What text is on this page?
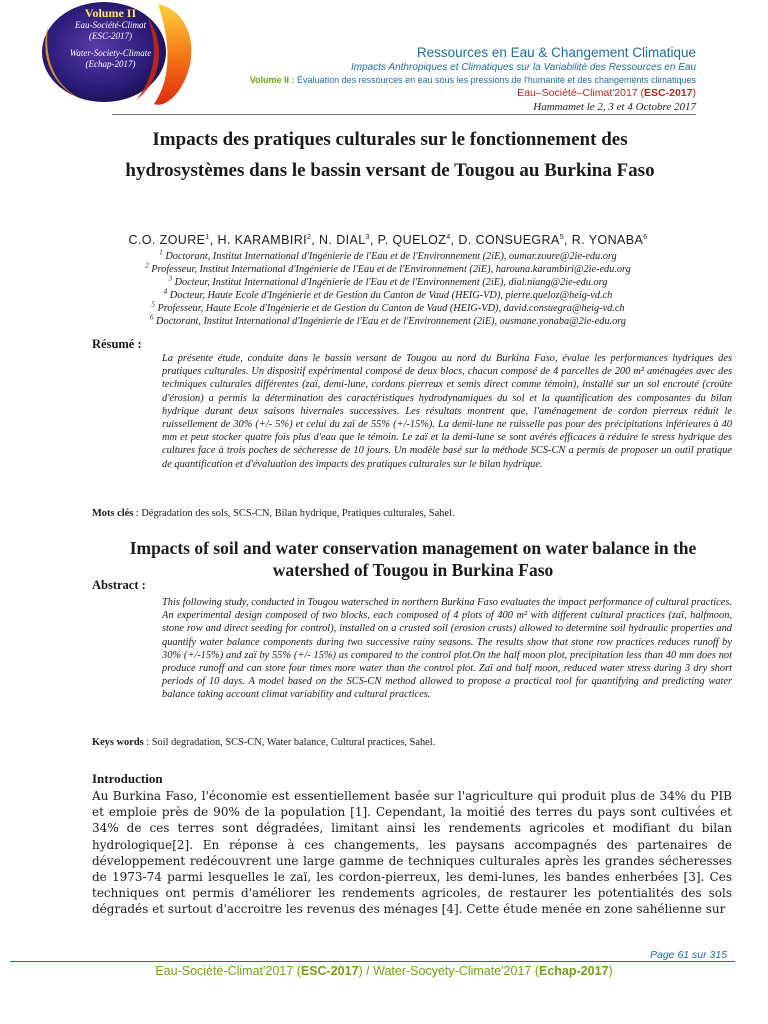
Volume II
Eau-Société-Climat
(ESC-2017)
Water-Society-Climate
(Echap-2017)
Ressources en Eau & Changement Climatique
Impacts Anthropiques et Climatiques sur la Variabilité des Ressources en Eau
Volume II : Évaluation des ressources en eau sous les pressions de l'humanité et des changements climatiques
Eau–Société–Climat'2017 (ESC-2017)
Hammamet le 2, 3 et 4 Octobre 2017
Impacts des pratiques culturales sur le fonctionnement des hydrosystèmes dans le bassin versant de Tougou au Burkina Faso
C.O. ZOURE$^1$, H. KARAMBIRI$^2$, N. DIAL$^3$, P. QUELOZ$^4$, D. CONSUEGRA$^5$, R. YONABA$^6$
$^1$ Doctorant, Institut International d'Ingénierie de l'Eau et de l'Environnement (2iE), oumar.zoure@2ie-edu.org
$^2$ Professeur, Institut International d'Ingénierie de l'Eau et de l'Environnement (2iE), harouna.karambiri@2ie-edu.org
$^3$ Docteur, Institut International d'Ingénierie de l'Eau et de l'Environnement (2iE), dial.niang@2ie-edu.org
$^4$ Docteur, Haute Ecole d'Ingénierie et de Gestion du Canton de Vaud (HEIG-VD), pierre.queloz@heig-vd.ch
$^5$ Professeur, Haute Ecole d'Ingénierie et de Gestion du Canton de Vaud (HEIG-VD), david.consuegra@heig-vd.ch
$^6$ Doctorant, Institut International d'Ingénierie de l'Eau et de l'Environnement (2iE), ousmane.yonaba@2ie-edu.org
Résumé :
La présente étude, conduite dans le bassin versant de Tougou au nord du Burkina Faso, évalue les performances hydriques des pratiques culturales. Un dispositif expérimental composé de deux blocs, chacun composé de 4 parcelles de 200 m² aménagées avec des techniques culturales différentes (zaï, demi-lune, cordons pierreux et semis direct comme témoin), installé sur un sol encrouté (croûte d'érosion) a permis la détermination des caractéristiques hydrodynamiques du sol et la quantification des composantes du bilan hydrique durant deux saisons hivernales successives. Les résultats montrent que, l'aménagement de cordon pierreux réduit le ruissellement de 30% (+/- 5%) et celui du zaï de 55% (+/-15%). La demi-lune ne ruisselle pas pour des précipitations inférieures à 40 mm et peut stocker quatre fois plus d'eau que le témoin. Le zaï et la demi-lune se sont avérés efficaces à réduire le stress hydrique des cultures face à trois poches de sécheresse de 10 jours. Un modèle basé sur la méthode SCS-CN a permis de proposer un outil pratique de quantification et d'évaluation des impacts des pratiques culturales sur le bilan hydrique.
Mots clés : Dégradation des sols, SCS-CN, Bilan hydrique, Pratiques culturales, Sahel.
Impacts of soil and water conservation management on water balance in the watershed of Tougou in Burkina Faso
Abstract :
This following study, conducted in Tougou watersched in northern Burkina Faso evaluates the impact performance of cultural practices. An experimental design composed of two blocks, each composed of 4 plots of 400 m² with different cultural practices (zaï, halfmoon, stone row and direct seeding for control), installed on a crusted soil (erosion crusts) allowed to determine soil hydraulic properties and quantify water balance components during two successive rainy seasons. The results show that stone row practices reduces runoff by 30% (+/-15%) and zaï by 55% (+/- 15%) as compared to the control plot.On the half moon plot, precipitation less than 40 mm does not produce runoff and can store four times more water than the control plot. Zaï and half moon, reduced water stress during 3 dry short periods of 10 days. A model based on the SCS-CN method allowed to propose a practical tool for quantifying and predicting water balance taking account climat variability and cultural practices.
Keys words : Soil degradation, SCS-CN, Water balance, Cultural practices, Sahel.
Introduction
Au Burkina Faso, l'économie est essentiellement basée sur l'agriculture qui produit plus de 34% du PIB et emploie près de 90% de la population [1]. Cependant, la moitié des terres du pays sont cultivées et 34% de ces terres sont dégradées, limitant ainsi les rendements agricoles et modifiant du bilan hydrologique[2]. En réponse à ces changements, les paysans accompagnés des partenaires de développement redécouvrent une large gamme de techniques culturales après les grandes sécheresses de 1973-74 parmi lesquelles le zaï, les cordon-pierreux, les demi-lunes, les bandes enherbées [3]. Ces techniques ont permis d'améliorer les rendements agricoles, de restaurer les potentialités des sols dégradés et surtout d'accroitre les revenus des ménages [4]. Cette étude menée en zone sahélienne sur
Page 61 sur 315
Eau-Société-Climat'2017 (ESC-2017) / Water-Socyety-Climate'2017 (Echap-2017)
